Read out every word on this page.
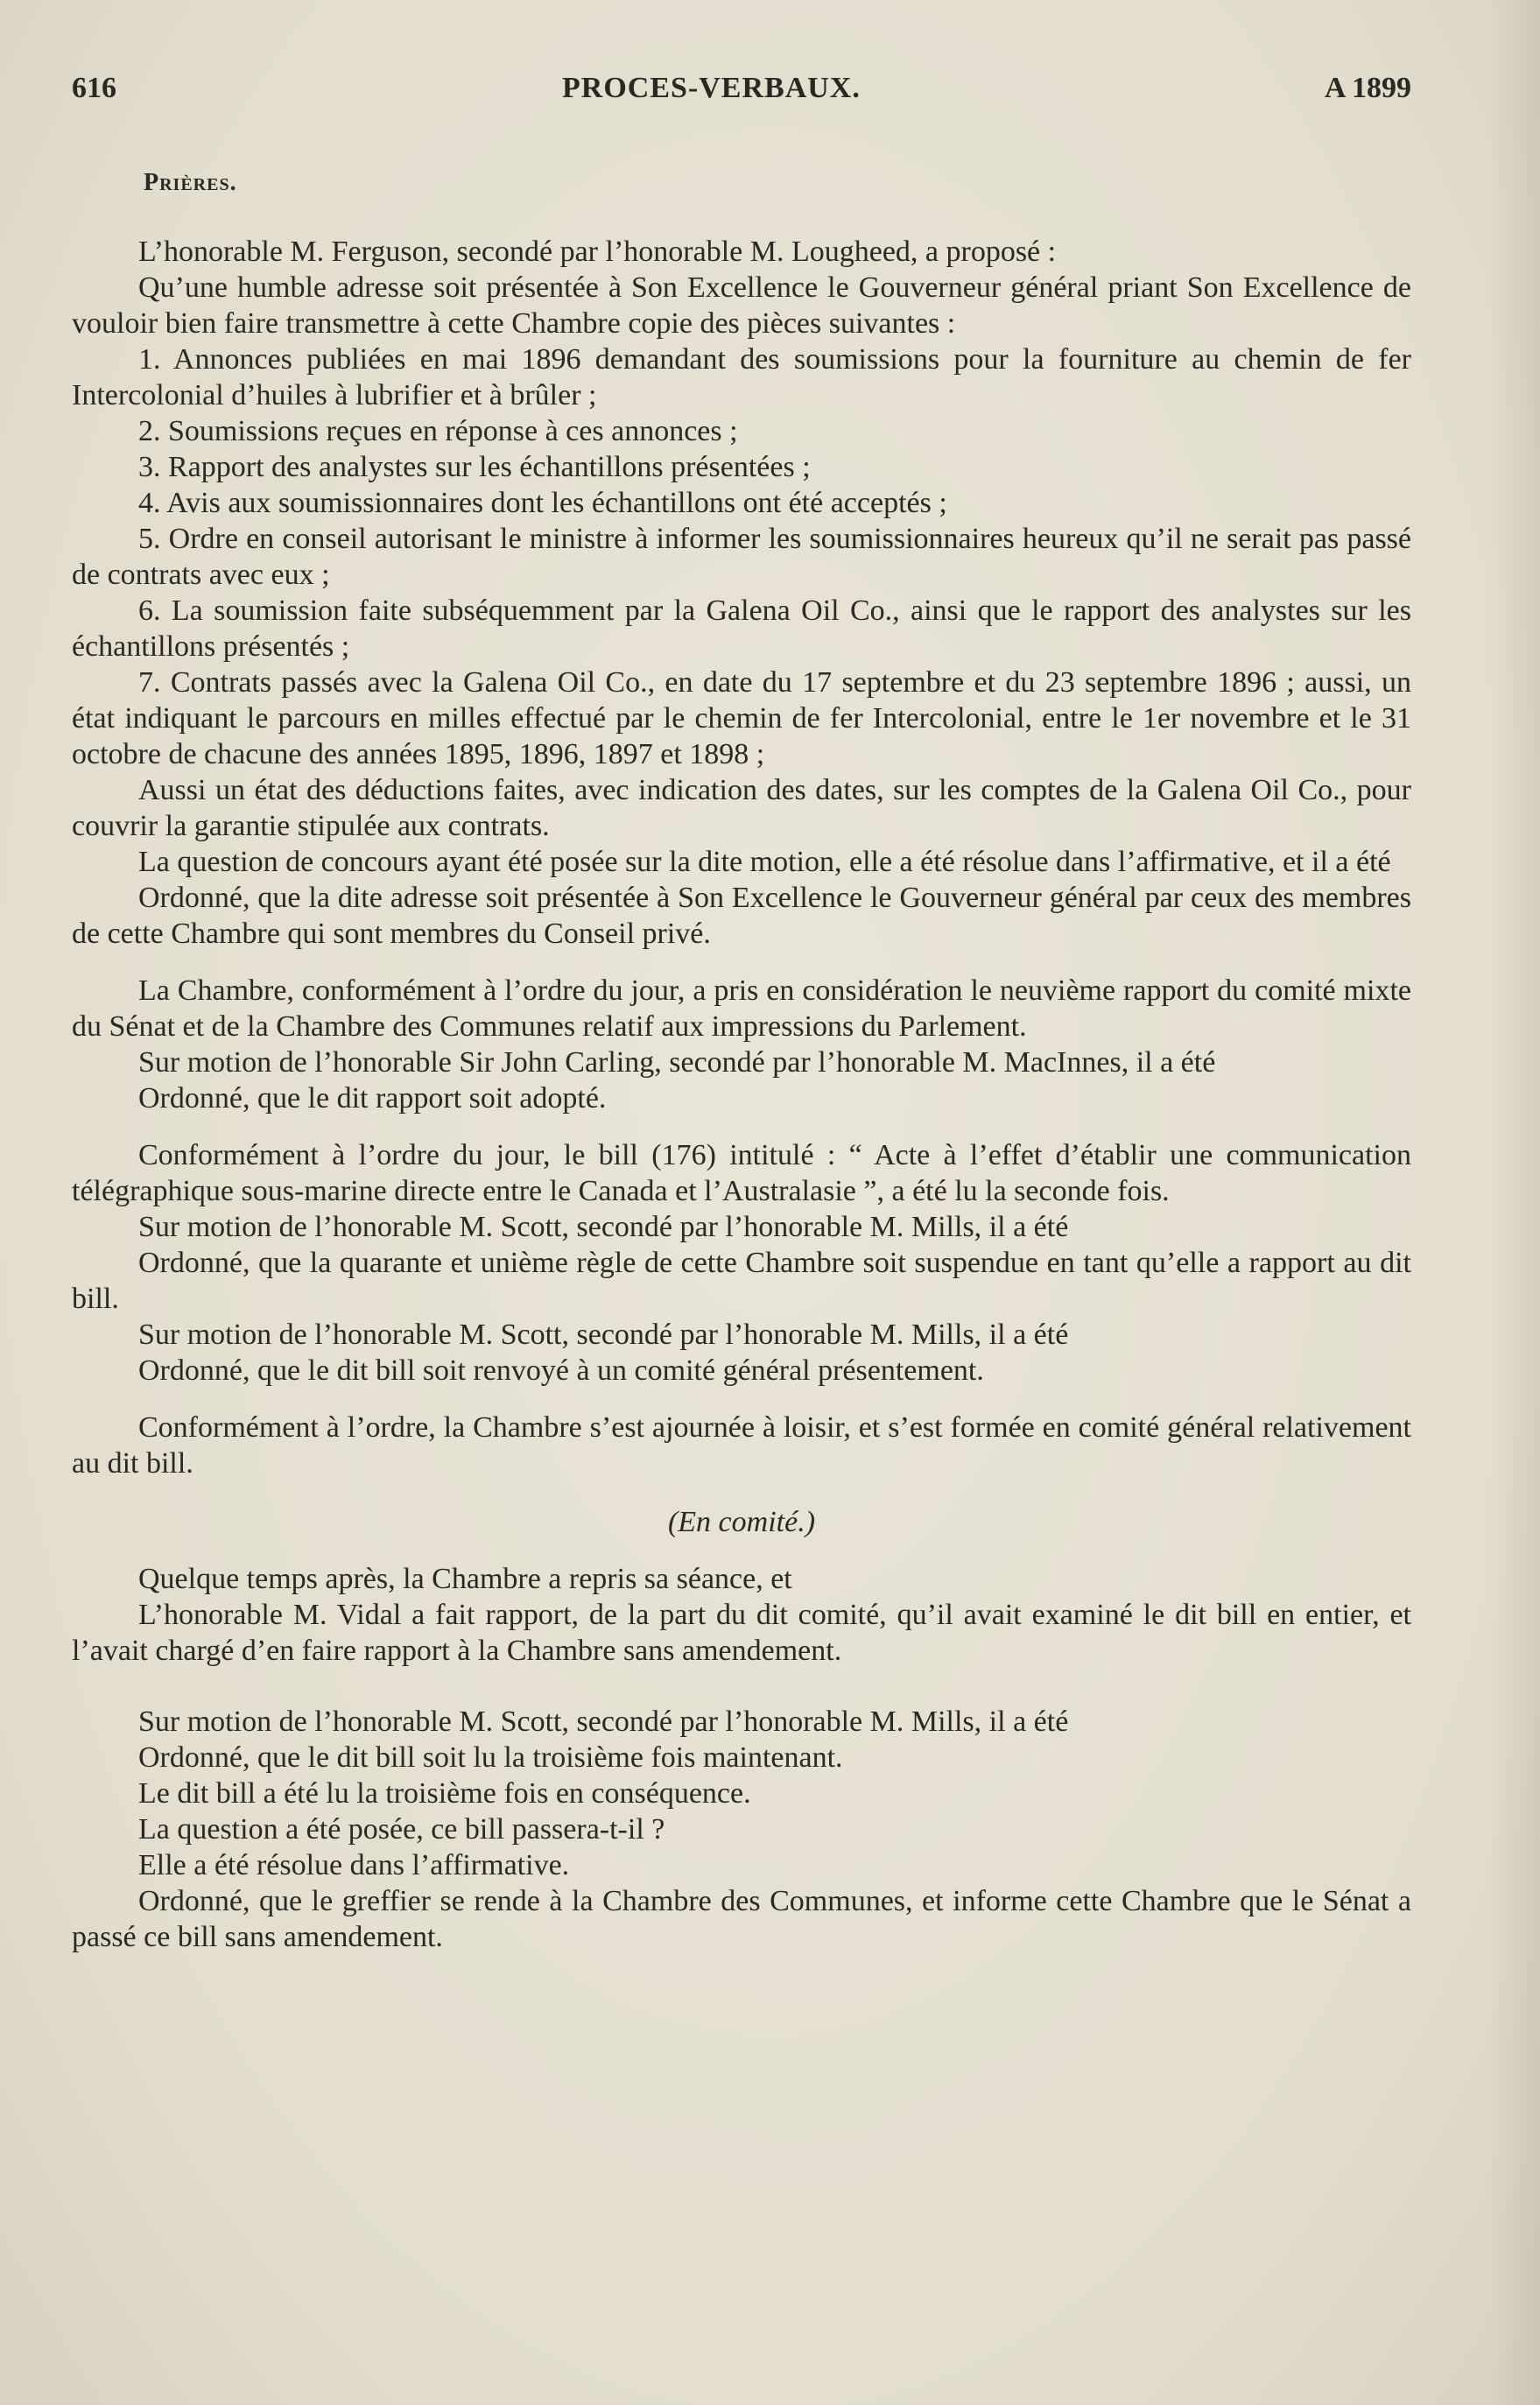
616	PROCES-VERBAUX.	A 1899

Prières.

L’honorable M. Ferguson, secondé par l’honorable M. Lougheed, a proposé :

Qu’une humble adresse soit présentée à Son Excellence le Gouverneur général priant Son Excellence de vouloir bien faire transmettre à cette Chambre copie des pièces suivantes :

1. Annonces publiées en mai 1896 demandant des soumissions pour la fourniture au chemin de fer Intercolonial d’huiles à lubrifier et à brûler ;

2. Soumissions reçues en réponse à ces annonces ;

3. Rapport des analystes sur les échantillons présentées ;

4. Avis aux soumissionnaires dont les échantillons ont été acceptés ;

5. Ordre en conseil autorisant le ministre à informer les soumissionnaires heureux qu’il ne serait pas passé de contrats avec eux ;

6. La soumission faite subséquemment par la Galena Oil Co., ainsi que le rapport des analystes sur les échantillons présentés ;

7. Contrats passés avec la Galena Oil Co., en date du 17 septembre et du 23 septembre 1896 ; aussi, un état indiquant le parcours en milles effectué par le chemin de fer Intercolonial, entre le 1er novembre et le 31 octobre de chacune des années 1895, 1896, 1897 et 1898 ;

Aussi un état des déductions faites, avec indication des dates, sur les comptes de la Galena Oil Co., pour couvrir la garantie stipulée aux contrats.

La question de concours ayant été posée sur la dite motion, elle a été résolue dans l’affirmative, et il a été

Ordonné, que la dite adresse soit présentée à Son Excellence le Gouverneur général par ceux des membres de cette Chambre qui sont membres du Conseil privé.

La Chambre, conformément à l’ordre du jour, a pris en considération le neuvième rapport du comité mixte du Sénat et de la Chambre des Communes relatif aux impressions du Parlement.

Sur motion de l’honorable Sir John Carling, secondé par l’honorable M. MacInnes, il a été

Ordonné, que le dit rapport soit adopté.

Conformément à l’ordre du jour, le bill (176) intitulé : “ Acte à l’effet d’établir une communication télégraphique sous-marine directe entre le Canada et l’Australasie ”, a été lu la seconde fois.

Sur motion de l’honorable M. Scott, secondé par l’honorable M. Mills, il a été

Ordonné, que la quarante et unième règle de cette Chambre soit suspendue en tant qu’elle a rapport au dit bill.

Sur motion de l’honorable M. Scott, secondé par l’honorable M. Mills, il a été

Ordonné, que le dit bill soit renvoyé à un comité général présentement.

Conformément à l’ordre, la Chambre s’est ajournée à loisir, et s’est formée en comité général relativement au dit bill.

(En comité.)

Quelque temps après, la Chambre a repris sa séance, et

L’honorable M. Vidal a fait rapport, de la part du dit comité, qu’il avait examiné le dit bill en entier, et l’avait chargé d’en faire rapport à la Chambre sans amendement.

Sur motion de l’honorable M. Scott, secondé par l’honorable M. Mills, il a été

Ordonné, que le dit bill soit lu la troisième fois maintenant.

Le dit bill a été lu la troisième fois en conséquence.

La question a été posée, ce bill passera-t-il ?

Elle a été résolue dans l’affirmative.

Ordonné, que le greffier se rende à la Chambre des Communes, et informe cette Chambre que le Sénat a passé ce bill sans amendement.
